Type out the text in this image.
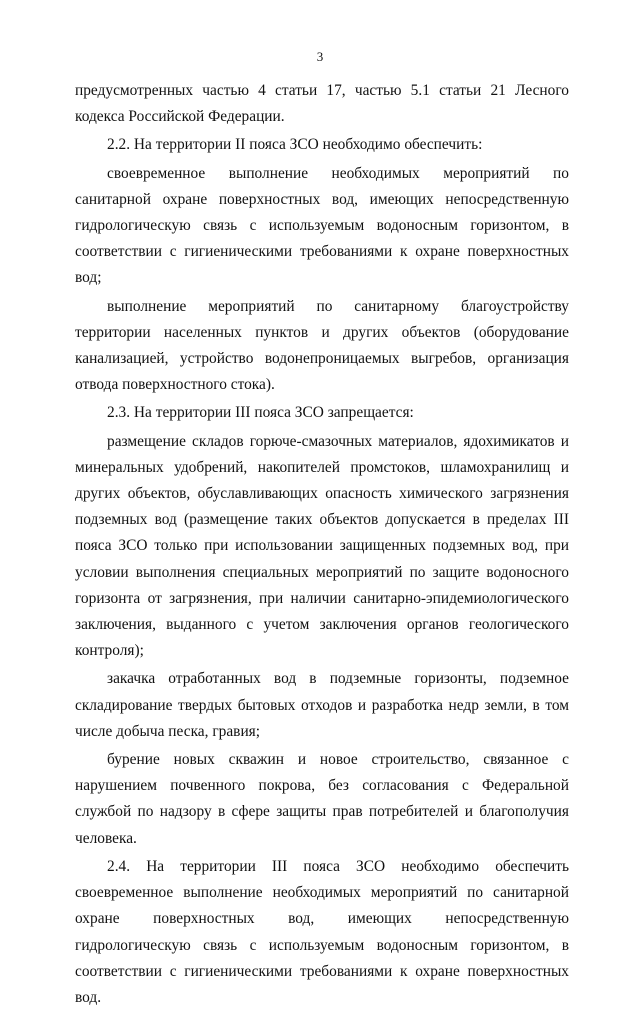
3

предусмотренных частью 4 статьи 17, частью 5.1 статьи 21 Лесного кодекса Российской Федерации.

2.2. На территории II пояса ЗСО необходимо обеспечить:

своевременное выполнение необходимых мероприятий по санитарной охране поверхностных вод, имеющих непосредственную гидрологическую связь с используемым водоносным горизонтом, в соответствии с гигиеническими требованиями к охране поверхностных вод;

выполнение мероприятий по санитарному благоустройству территории населенных пунктов и других объектов (оборудование канализацией, устройство водонепроницаемых выгребов, организация отвода поверхностного стока).

2.3. На территории III пояса ЗСО запрещается:

размещение складов горюче-смазочных материалов, ядохимикатов и минеральных удобрений, накопителей промстоков, шламохранилищ и других объектов, обуславливающих опасность химического загрязнения подземных вод (размещение таких объектов допускается в пределах III пояса ЗСО только при использовании защищенных подземных вод, при условии выполнения специальных мероприятий по защите водоносного горизонта от загрязнения, при наличии санитарно-эпидемиологического заключения, выданного с учетом заключения органов геологического контроля);

закачка отработанных вод в подземные горизонты, подземное складирование твердых бытовых отходов и разработка недр земли, в том числе добыча песка, гравия;

бурение новых скважин и новое строительство, связанное с нарушением почвенного покрова, без согласования с Федеральной службой по надзору в сфере защиты прав потребителей и благополучия человека.

2.4. На территории III пояса ЗСО необходимо обеспечить своевременное выполнение необходимых мероприятий по санитарной охране поверхностных вод, имеющих непосредственную гидрологическую связь с используемым водоносным горизонтом, в соответствии с гигиеническими требованиями к охране поверхностных вод.
